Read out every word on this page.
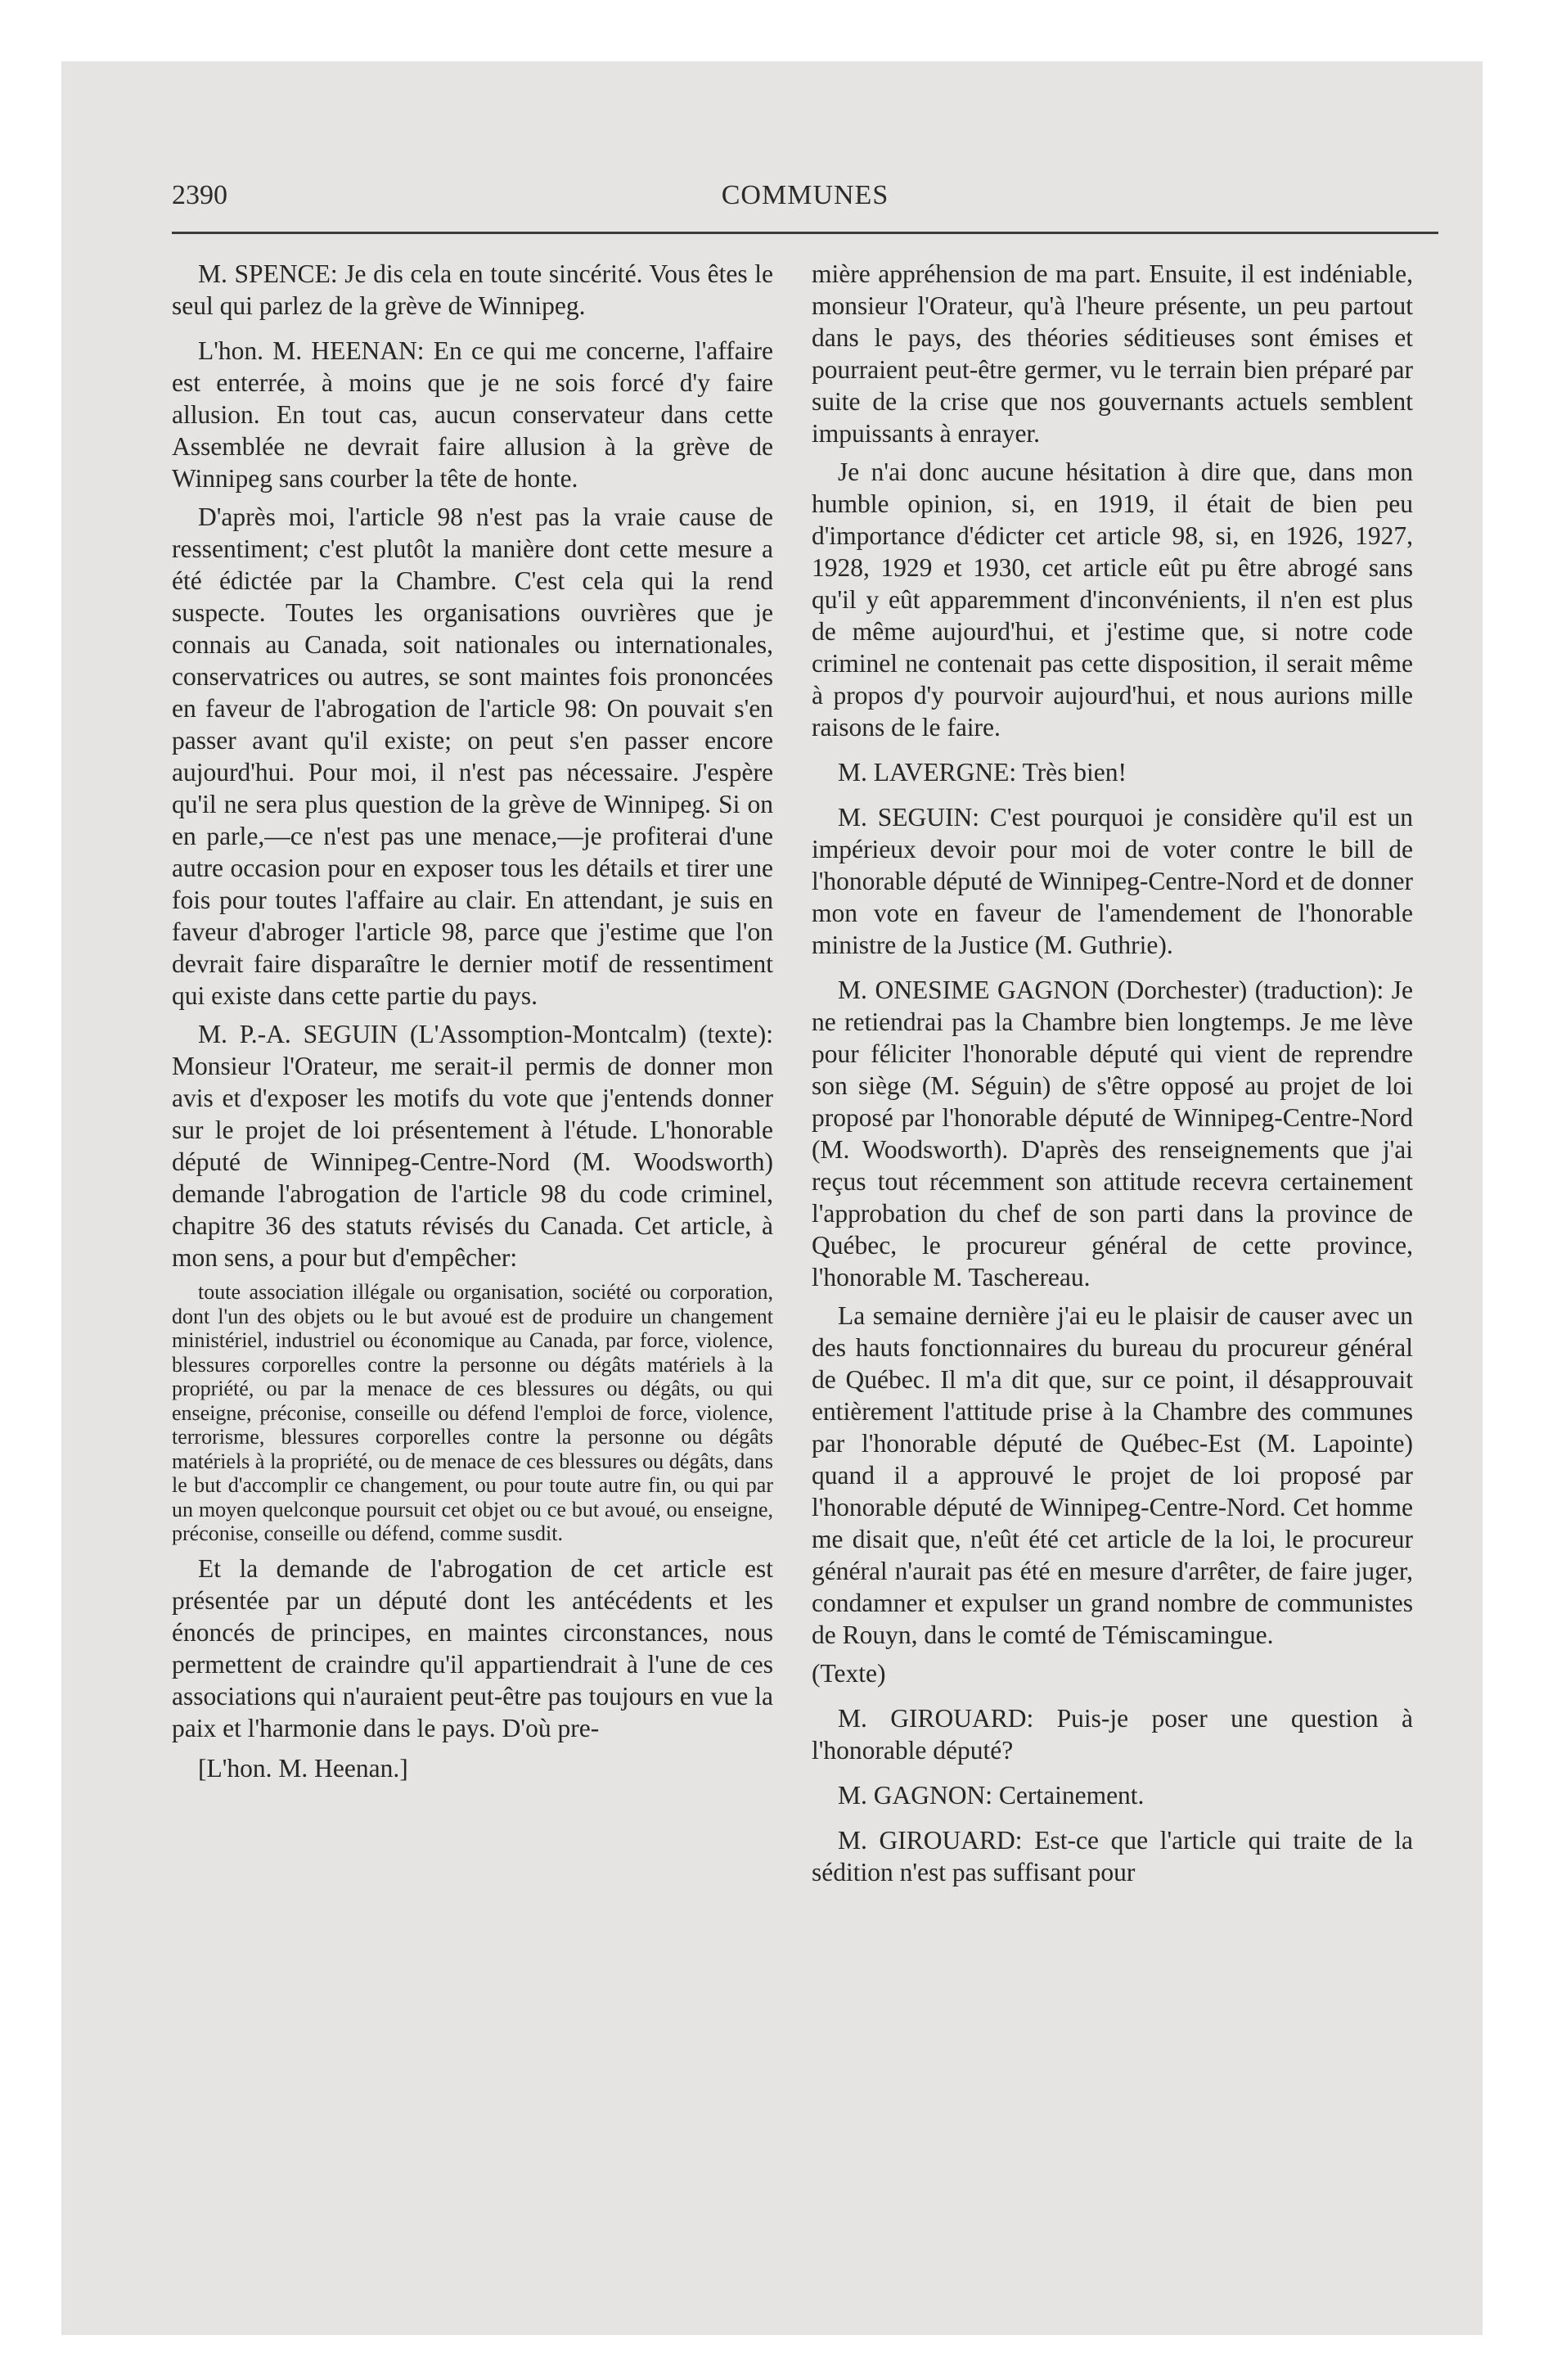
2390	COMMUNES

M. SPENCE: Je dis cela en toute sincérité. Vous êtes le seul qui parlez de la grève de Winnipeg.

L'hon. M. HEENAN: En ce qui me concerne, l'affaire est enterrée, à moins que je ne sois forcé d'y faire allusion. En tout cas, aucun conservateur dans cette Assemblée ne devrait faire allusion à la grève de Winnipeg sans courber la tête de honte.

D'après moi, l'article 98 n'est pas la vraie cause de ressentiment; c'est plutôt la manière dont cette mesure a été édictée par la Chambre. C'est cela qui la rend suspecte. Toutes les organisations ouvrières que je connais au Canada, soit nationales ou internationales, conservatrices ou autres, se sont maintes fois prononcées en faveur de l'abrogation de l'article 98: On pouvait s'en passer avant qu'il existe; on peut s'en passer encore aujourd'hui. Pour moi, il n'est pas nécessaire. J'espère qu'il ne sera plus question de la grève de Winnipeg. Si on en parle,—ce n'est pas une menace,—je profiterai d'une autre occasion pour en exposer tous les détails et tirer une fois pour toutes l'affaire au clair. En attendant, je suis en faveur d'abroger l'article 98, parce que j'estime que l'on devrait faire disparaître le dernier motif de ressentiment qui existe dans cette partie du pays.

M. P.-A. SEGUIN (L'Assomption-Montcalm) (texte): Monsieur l'Orateur, me serait-il permis de donner mon avis et d'exposer les motifs du vote que j'entends donner sur le projet de loi présentement à l'étude. L'honorable député de Winnipeg-Centre-Nord (M. Woodsworth) demande l'abrogation de l'article 98 du code criminel, chapitre 36 des statuts révisés du Canada. Cet article, à mon sens, a pour but d'empêcher:

toute association illégale ou organisation, société ou corporation, dont l'un des objets ou le but avoué est de produire un changement ministériel, industriel ou économique au Canada, par force, violence, blessures corporelles contre la personne ou dégâts matériels à la propriété, ou par la menace de ces blessures ou dégâts, ou qui enseigne, préconise, conseille ou défend l'emploi de force, violence, terrorisme, blessures corporelles contre la personne ou dégâts matériels à la propriété, ou de menace de ces blessures ou dégâts, dans le but d'accomplir ce changement, ou pour toute autre fin, ou qui par un moyen quelconque poursuit cet objet ou ce but avoué, ou enseigne, préconise, conseille ou défend, comme susdit.

Et la demande de l'abrogation de cet article est présentée par un député dont les antécédents et les énoncés de principes, en maintes circonstances, nous permettent de craindre qu'il appartiendrait à l'une de ces associations qui n'auraient peut-être pas toujours en vue la paix et l'harmonie dans le pays. D'où pre-

[L'hon. M. Heenan.]

mière appréhension de ma part. Ensuite, il est indéniable, monsieur l'Orateur, qu'à l'heure présente, un peu partout dans le pays, des théories séditieuses sont émises et pourraient peut-être germer, vu le terrain bien préparé par suite de la crise que nos gouvernants actuels semblent impuissants à enrayer.

Je n'ai donc aucune hésitation à dire que, dans mon humble opinion, si, en 1919, il était de bien peu d'importance d'édicter cet article 98, si, en 1926, 1927, 1928, 1929 et 1930, cet article eût pu être abrogé sans qu'il y eût apparemment d'inconvénients, il n'en est plus de même aujourd'hui, et j'estime que, si notre code criminel ne contenait pas cette disposition, il serait même à propos d'y pourvoir aujourd'hui, et nous aurions mille raisons de le faire.

M. LAVERGNE: Très bien!

M. SEGUIN: C'est pourquoi je considère qu'il est un impérieux devoir pour moi de voter contre le bill de l'honorable député de Winnipeg-Centre-Nord et de donner mon vote en faveur de l'amendement de l'honorable ministre de la Justice (M. Guthrie).

M. ONESIME GAGNON (Dorchester) (traduction): Je ne retiendrai pas la Chambre bien longtemps. Je me lève pour féliciter l'honorable député qui vient de reprendre son siège (M. Séguin) de s'être opposé au projet de loi proposé par l'honorable député de Winnipeg-Centre-Nord (M. Woodsworth). D'après des renseignements que j'ai reçus tout récemment son attitude recevra certainement l'approbation du chef de son parti dans la province de Québec, le procureur général de cette province, l'honorable M. Taschereau.

La semaine dernière j'ai eu le plaisir de causer avec un des hauts fonctionnaires du bureau du procureur général de Québec. Il m'a dit que, sur ce point, il désapprouvait entièrement l'attitude prise à la Chambre des communes par l'honorable député de Québec-Est (M. Lapointe) quand il a approuvé le projet de loi proposé par l'honorable député de Winnipeg-Centre-Nord. Cet homme me disait que, n'eût été cet article de la loi, le procureur général n'aurait pas été en mesure d'arrêter, de faire juger, condamner et expulser un grand nombre de communistes de Rouyn, dans le comté de Témiscamingue.

(Texte)

M. GIROUARD: Puis-je poser une question à l'honorable député?

M. GAGNON: Certainement.

M. GIROUARD: Est-ce que l'article qui traite de la sédition n'est pas suffisant pour
